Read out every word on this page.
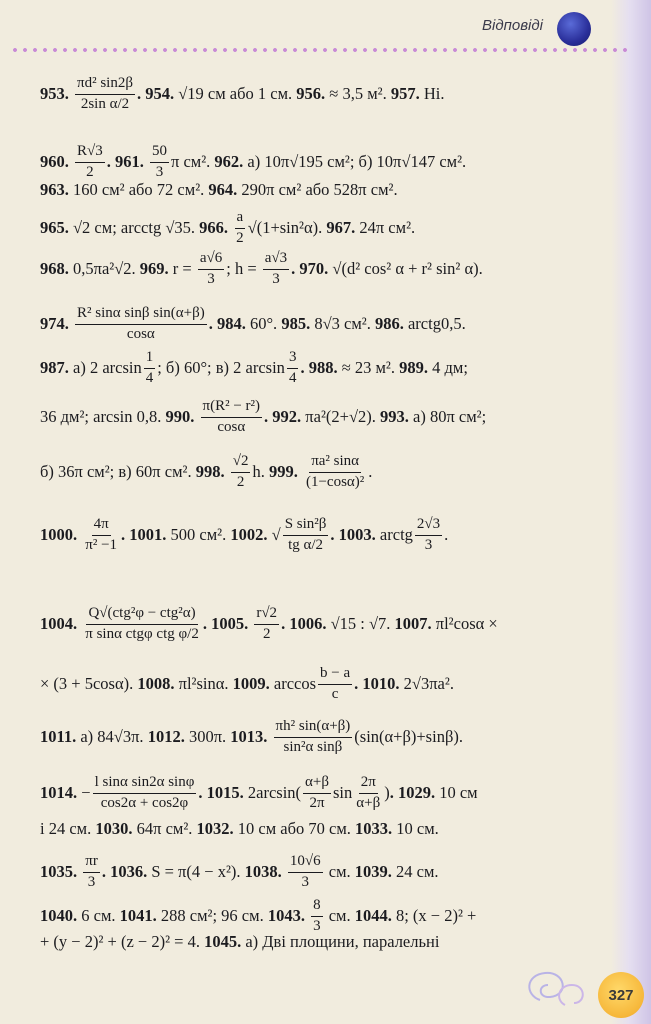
Відповіді
953. $\frac{\text{πd² sin2β}}{\text{2sin α/2}}$ . 954. √19 см або 1 см. 956. ≈ 3,5 м². 957. Ні.
960. $\frac{R√3}{2}$ . 961. $\frac{50}{3}$ π см². 962. а) 10π√195 см²; б) 10π√147 см².
963. 160 см² або 72 см². 964. 290π см² або 528π см².
965. √2 см; arcctg √35. 966. $\frac{a}{2} √(1+\sin^2\alpha)$. 967. 24π см².
968. 0,5πa²√2. 969. $r = \frac{a√6}{3}$ ; $h = \frac{a√3}{3}$ . 970. √(d² cos² α + r² sin² α).
974. $\frac{\text{R² sinα sinβ sin(α+β)}}{\cos\alpha}$ . 984. 60°. 985. 8√3 см². 986. arctg0,5.
987. а) 2 $\arcsin \frac{1}{4}$ ; б) 60°; в) 2 $\arcsin \frac{3}{4}$ . 988. ≈ 23 м². 989. 4 дм;
36 дм²; arcsin 0,8. 990. $\frac{\text{π(R² − r²)}}{\cos\alpha}$ . 992. πa²(2+√2). 993. а) 80π см²;
б) 36π см²; в) 60π см². 998. $\frac{√2}{2} h$. 999. $\frac{\text{πa² sinα}}{\text{(1−cosα)²}}$ .
1000. $\frac{4\pi}{\text{π² −1}}$ . 1001. 500 см². 1002. √ $\frac{\text{S sin²β}}{\text{tg α/2}}$ . 1003. arctg $\frac{2√3}{3}$ .
1004. $\frac{\text{Q√(ctg²φ − ctg²α)}}{\text{π sinα ctgφ ctg φ/2}}$ . 1005. $\frac{r√2}{2}$ . 1006. √15 : √7. 1007. πl²cosα ×
× (3 + 5cosα). 1008. πl²sinα. 1009. $\arccos \frac{b - a}{c}$ . 1010. 2√3πa².
1011. а) 84√3π. 1012. 300π. 1013. $\frac{\text{πh² sin(α+β)}}{\text{sin²α sinβ}} (\sin(\alpha+\beta)+\sin\beta)$.
1014. − $\frac{\text{l sinα sin2α sinφ}}{\cos 2\alpha + \cos 2\varphi}$ . 1015. $2\arcsin( \frac{\alpha+\beta}{2\pi}$ $\sin \frac{2\pi}{\alpha+\beta}$ ) . 1029. 10 см
і 24 см. 1030. 64π см². 1032. 10 см або 70 см. 1033. 10 см.
1035. $\frac{\pi r}{3}$ . 1036. S = π(4 − x²). 1038. $\frac{10√6}{3}$ см. 1039. 24 см.
1040. 6 см. 1041. 288 см²; 96 см. 1043. $\frac{8}{3}$ см. 1044. 8; (x − 2)² +
+ (y − 2)² + (z − 2)² = 4. 1045. а) Дві площини, паралельні
327
